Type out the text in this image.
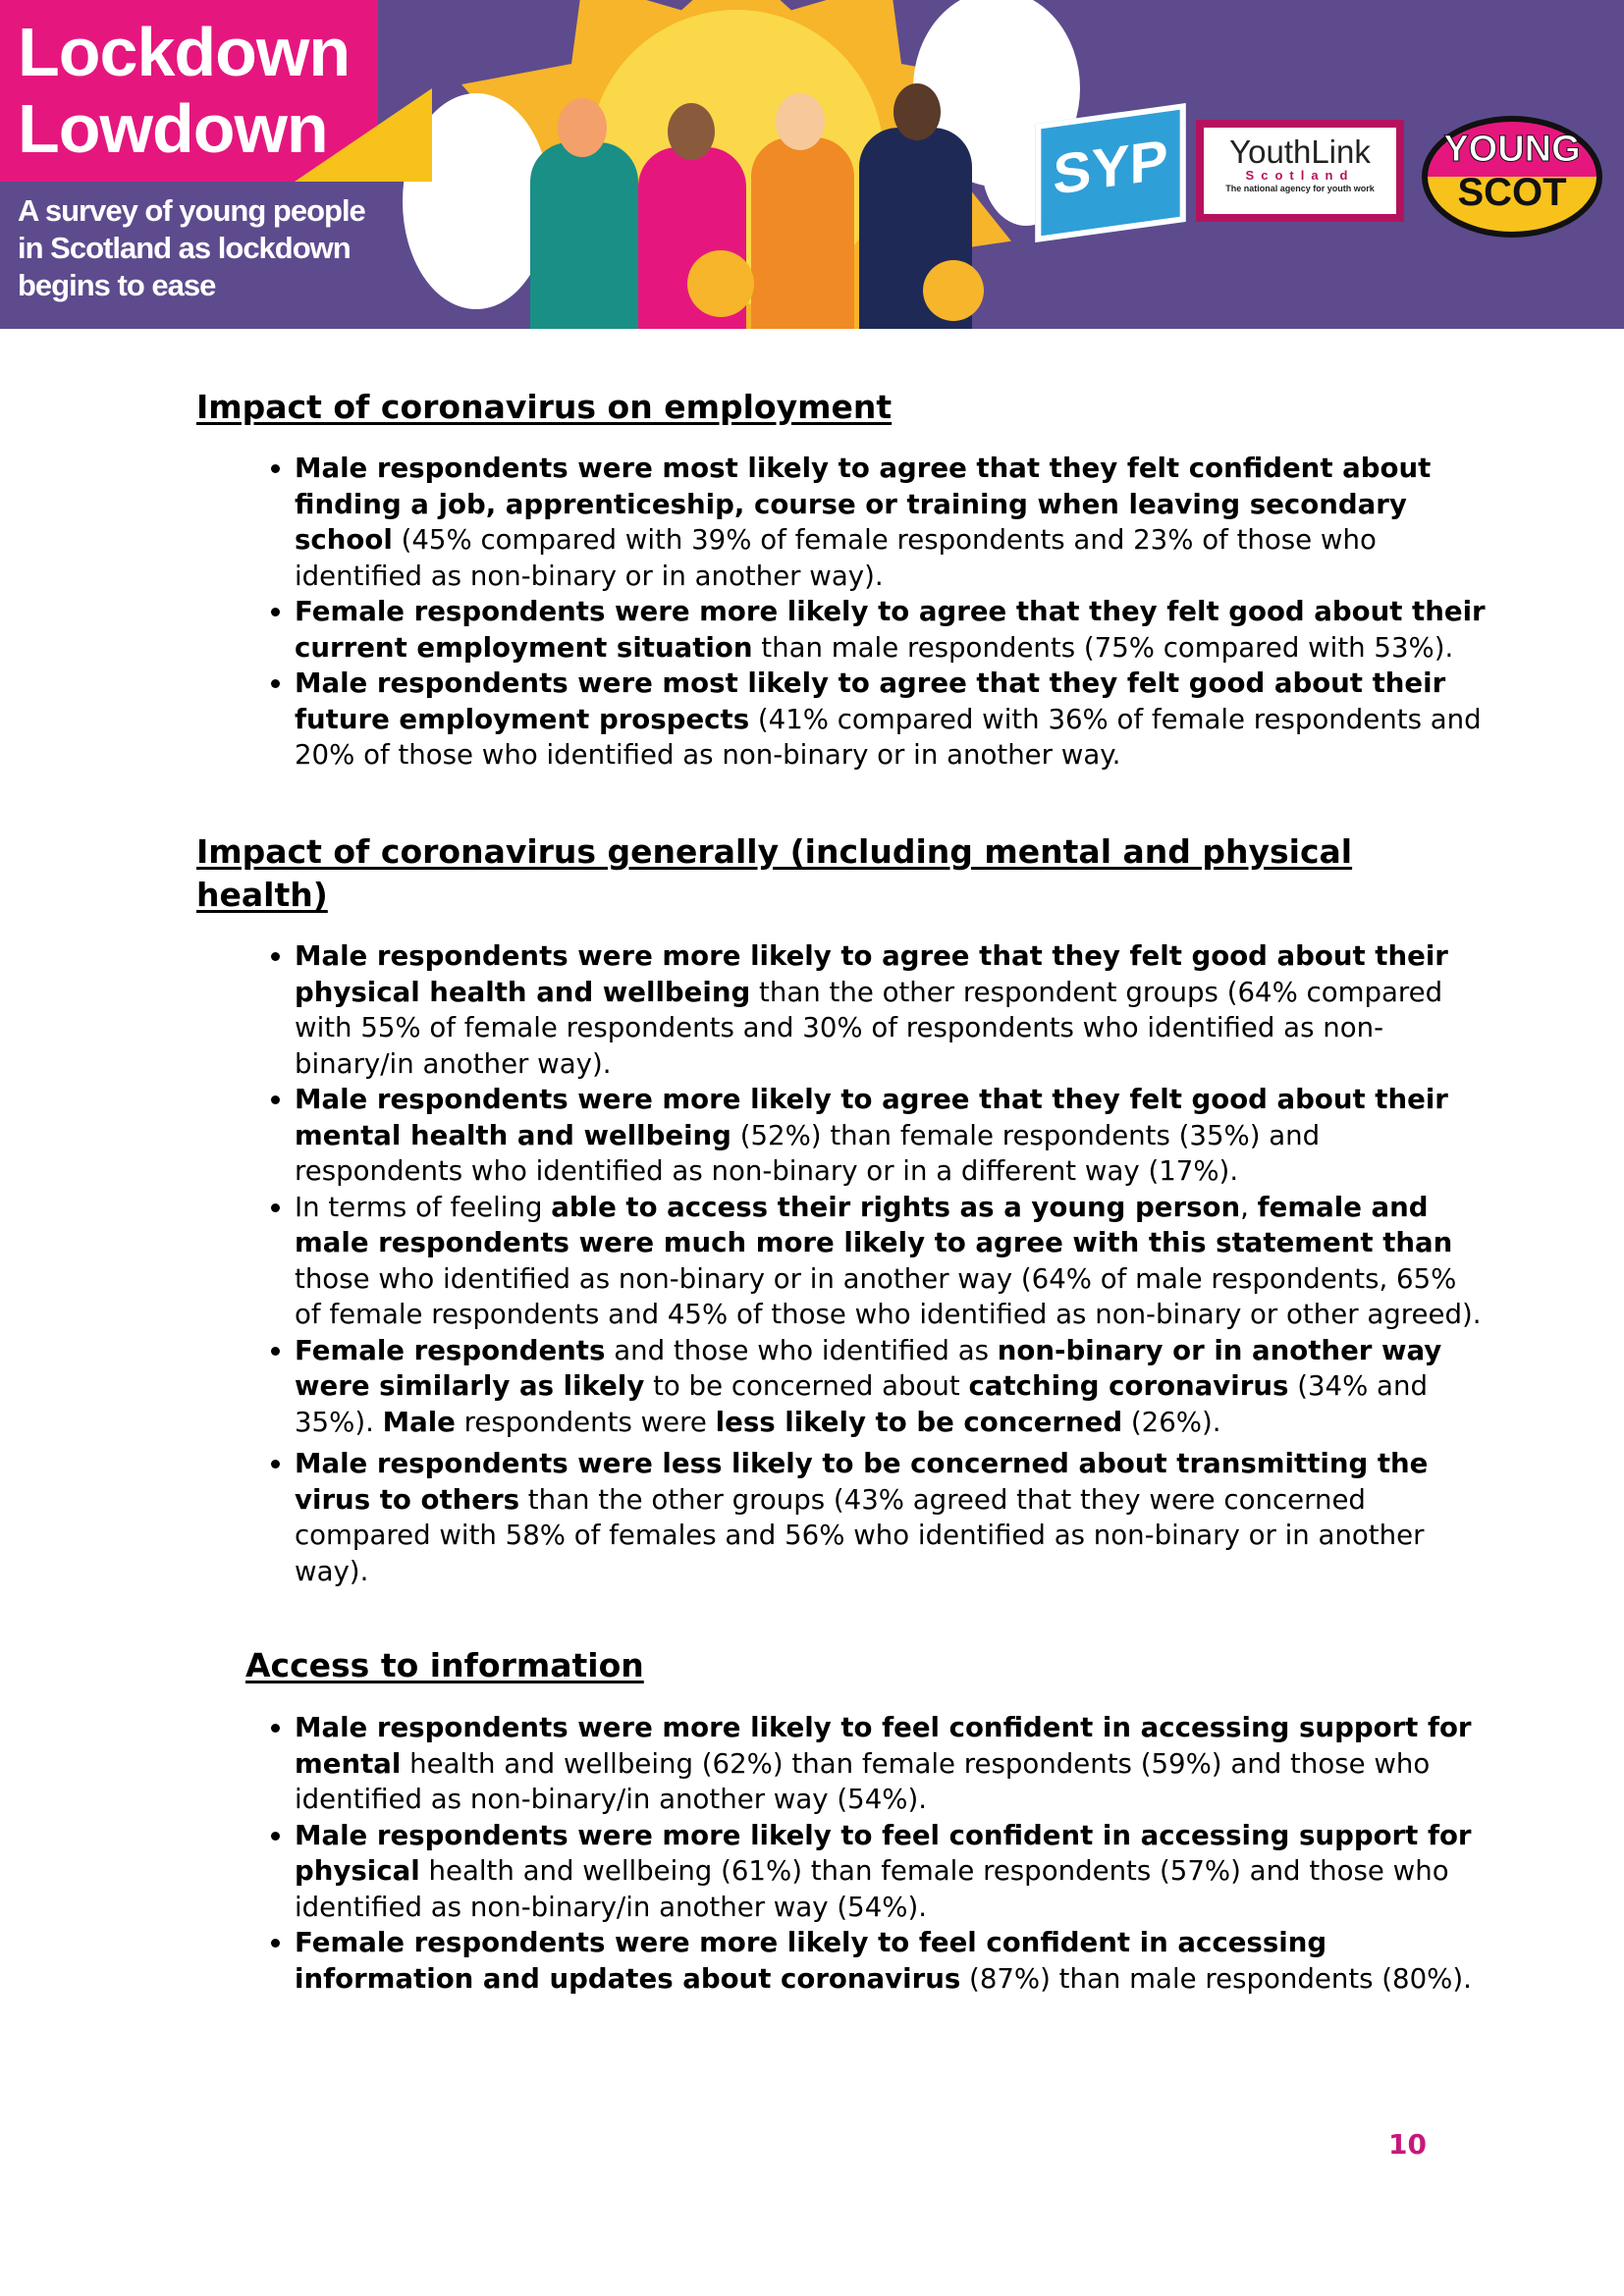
Lockdown
Lowdown
A survey of young people
in Scotland as lockdown
begins to ease
SYP	YouthLink
Scotland
The national agency for youth work
YOUNG
SCOT
Impact of coronavirus on employment
• Male respondents were most likely to agree that they felt confident about finding a job, apprenticeship, course or training when leaving secondary school (45% compared with 39% of female respondents and 23% of those who identified as non-binary or in another way).
• Female respondents were more likely to agree that they felt good about their current employment situation than male respondents (75% compared with 53%).
• Male respondents were most likely to agree that they felt good about their future employment prospects (41% compared with 36% of female respondents and 20% of those who identified as non-binary or in another way.
Impact of coronavirus generally (including mental and physical health)
• Male respondents were more likely to agree that they felt good about their physical health and wellbeing than the other respondent groups (64% compared with 55% of female respondents and 30% of respondents who identified as non-binary/in another way).
• Male respondents were more likely to agree that they felt good about their mental health and wellbeing (52%) than female respondents (35%) and respondents who identified as non-binary or in a different way (17%).
• In terms of feeling able to access their rights as a young person, female and male respondents were much more likely to agree with this statement than those who identified as non-binary or in another way (64% of male respondents, 65% of female respondents and 45% of those who identified as non-binary or other agreed).
• Female respondents and those who identified as non-binary or in another way were similarly as likely to be concerned about catching coronavirus (34% and 35%). Male respondents were less likely to be concerned (26%).
• Male respondents were less likely to be concerned about transmitting the virus to others than the other groups (43% agreed that they were concerned compared with 58% of females and 56% who identified as non-binary or in another way).
Access to information
• Male respondents were more likely to feel confident in accessing support for mental health and wellbeing (62%) than female respondents (59%) and those who identified as non-binary/in another way (54%).
• Male respondents were more likely to feel confident in accessing support for physical health and wellbeing (61%) than female respondents (57%) and those who identified as non-binary/in another way (54%).
• Female respondents were more likely to feel confident in accessing information and updates about coronavirus (87%) than male respondents (80%).
10
